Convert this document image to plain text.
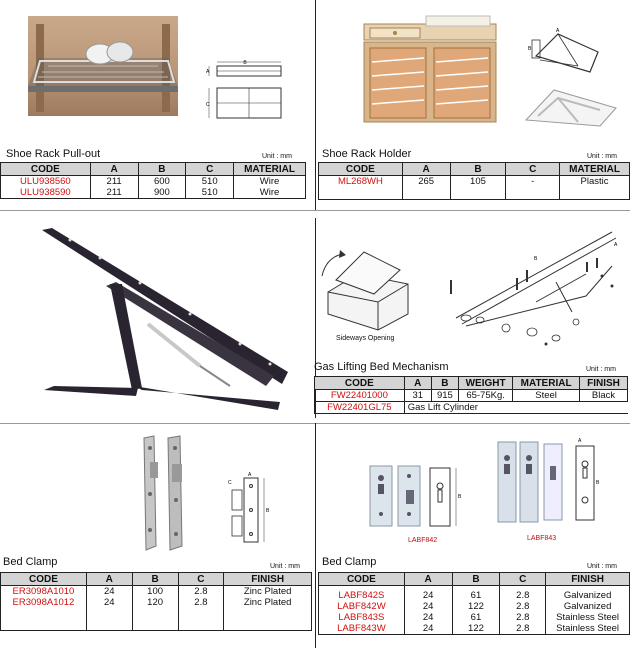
B
A
C
Shoe Rack Pull-out	Unit : mm
CODE	A	B	C	MATERIAL
ULU938560	211	600	510	Wire
ULU938590	211	900	510	Wire
A
B
Shoe Rack Holder	Unit : mm
CODE	A	B	C	MATERIAL
ML268WH	265	105	-	Plastic
Sideways Opening
B
A
Gas Lifting Bed Mechanism	Unit : mm
CODE	A	B	WEIGHT	MATERIAL	FINISH
FW22401000	31	915	65-75Kg.	Steel	Black
FW22401GL75	Gas Lift Cylinder				
A
B
C
Bed Clamp	Unit : mm
CODE	A	B	C	FINISH
ER3098A1010	24	100	2.8	Zinc Plated
ER3098A1012	24	120	2.8	Zinc Plated

B
LABF842
B
A
LABF843
Bed Clamp	Unit : mm
CODE	A	B	C	FINISH
LABF842S	24	61	2.8	Galvanized
LABF842W	24	122	2.8	Galvanized
LABF843S	24	61	2.8	Stainless Steel
LABF843W	24	122	2.8	Stainless Steel
